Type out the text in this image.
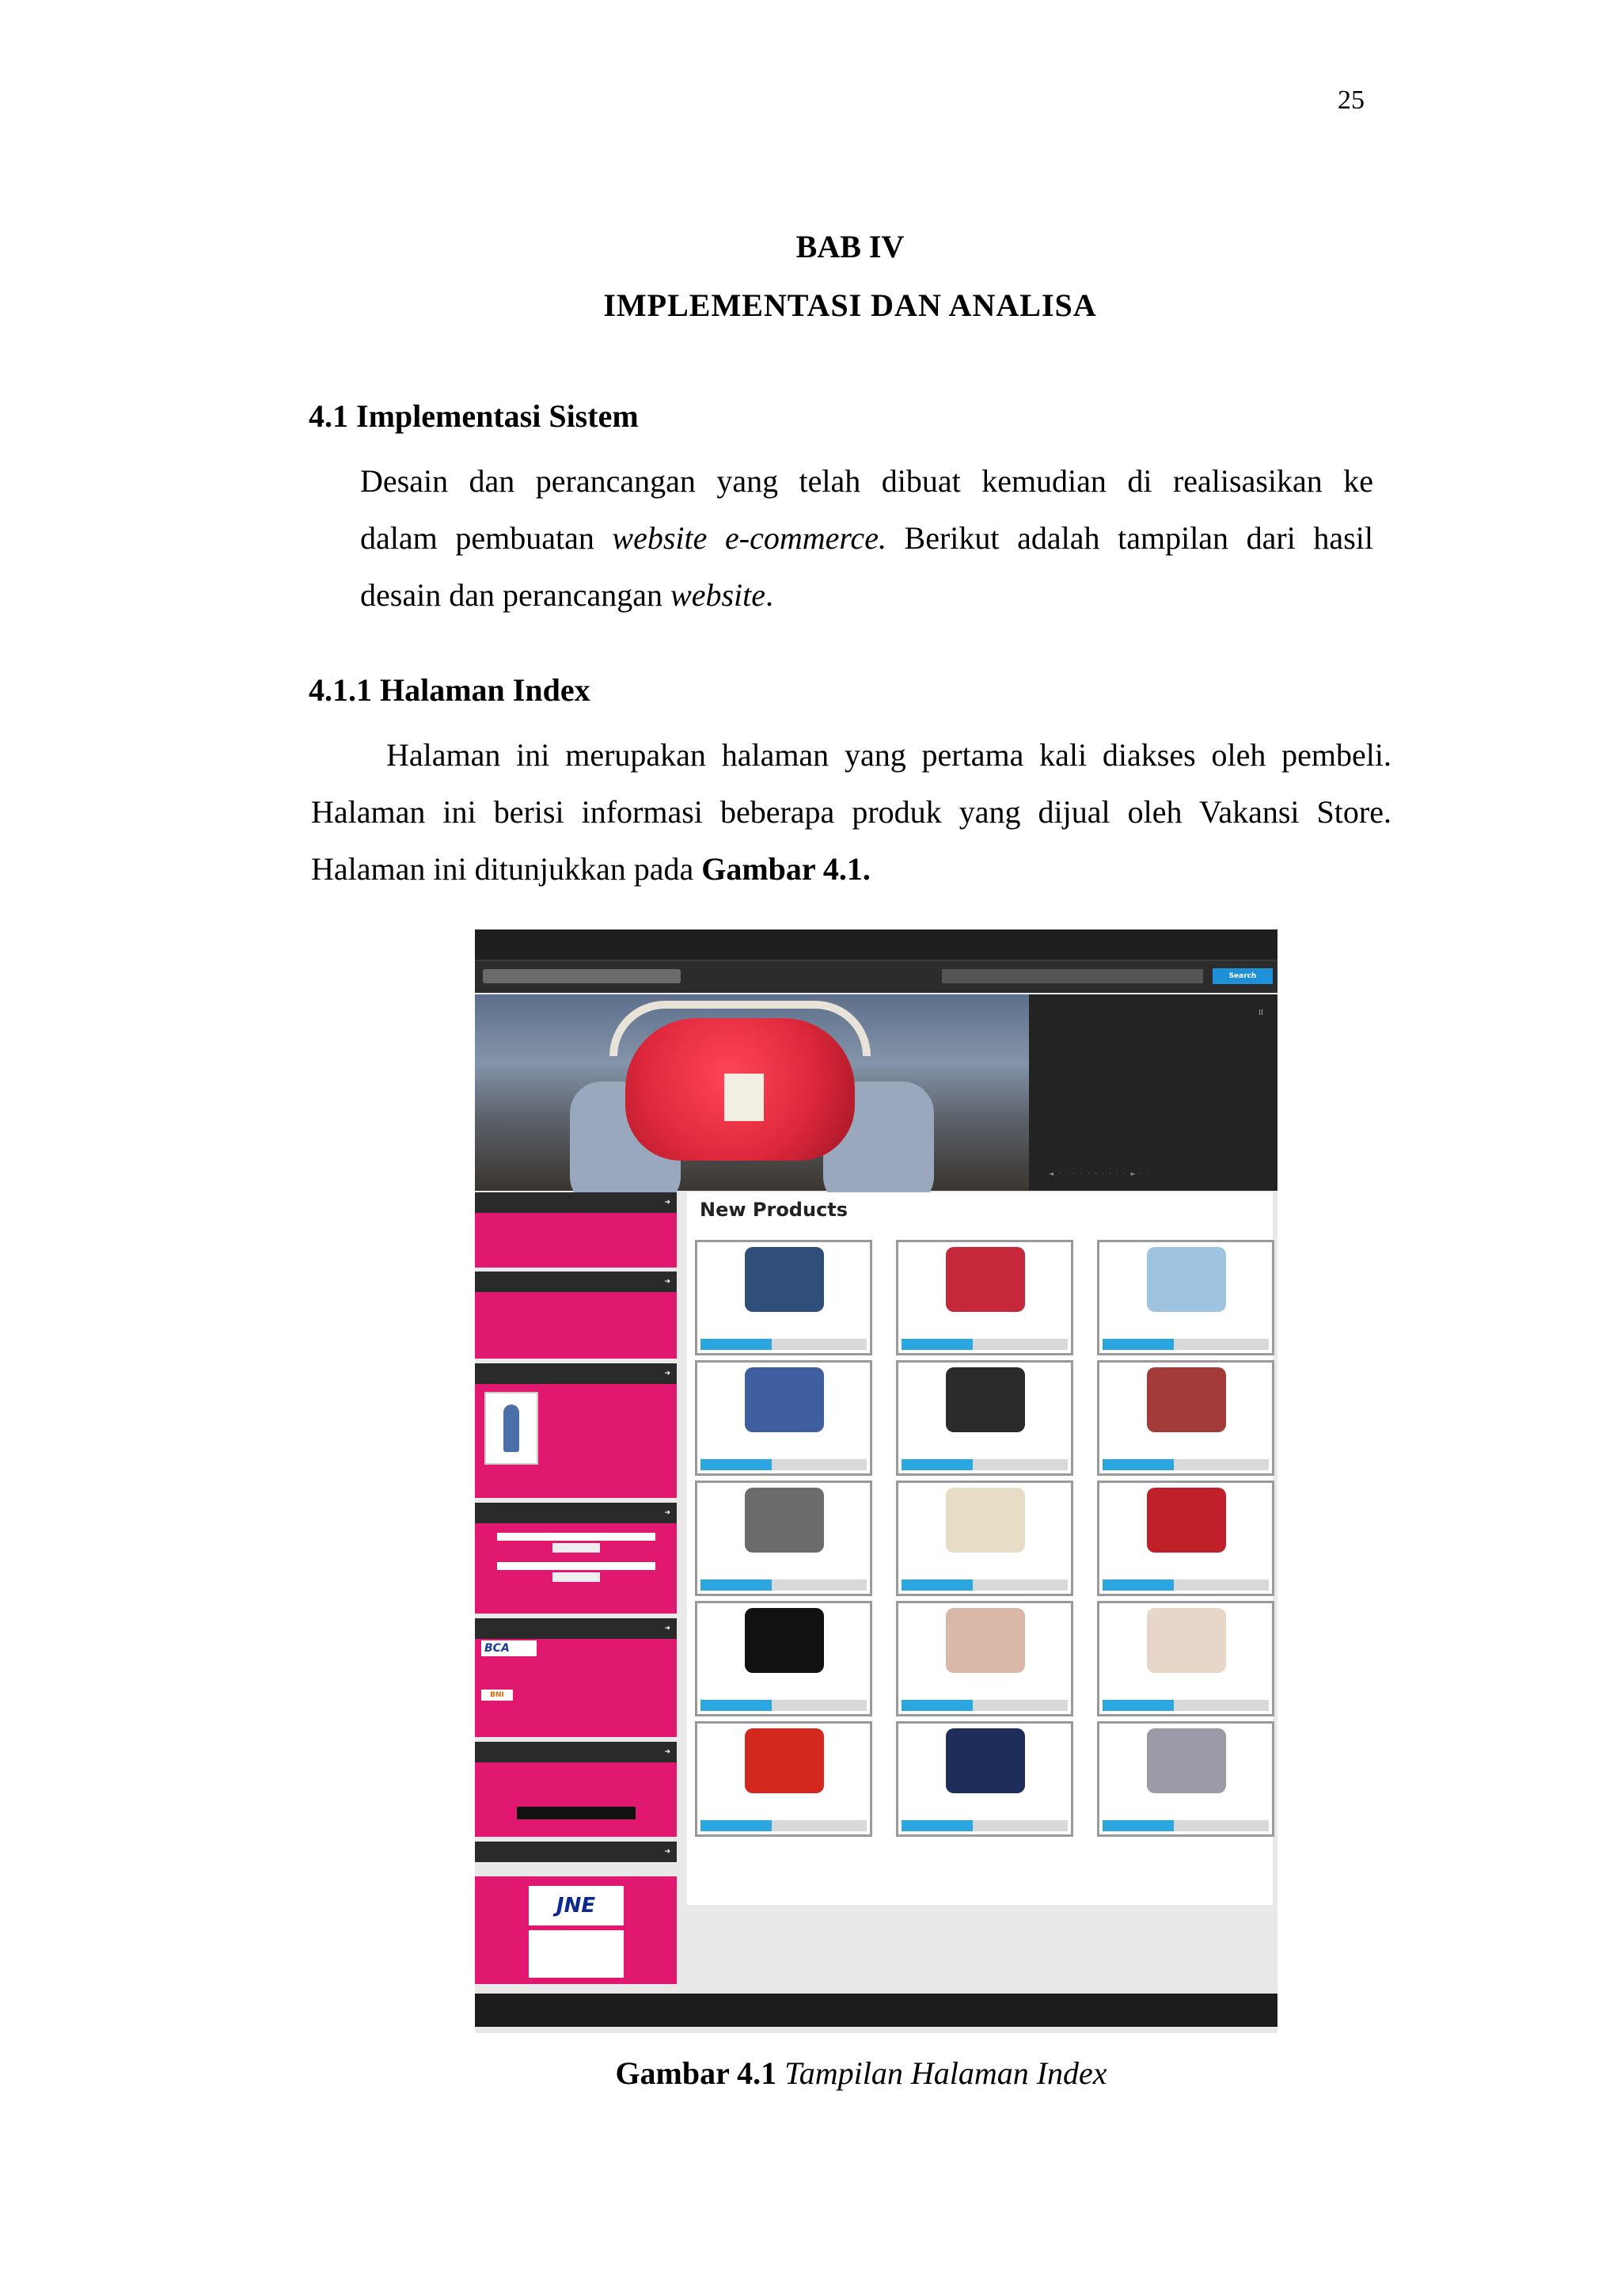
25
BAB IV
IMPLEMENTASI DAN ANALISA
4.1 Implementasi Sistem
Desain dan perancangan yang telah dibuat kemudian di realisasikan ke
dalam pembuatan website e-commerce. Berikut adalah tampilan dari hasil
desain dan perancangan website.
4.1.1 Halaman Index
Halaman ini merupakan halaman yang pertama kali diakses oleh pembeli.
Halaman ini berisi informasi beberapa produk yang dijual oleh Vakansi Store.
Halaman ini ditunjukkan pada Gambar 4.1.
Search
II
◄ · · · · · · · · · · ► · ·
➜
➜
➜
➜
➜
BCA
BNI
➜
➜
JNE
New Products
Gambar 4.1 Tampilan Halaman Index
